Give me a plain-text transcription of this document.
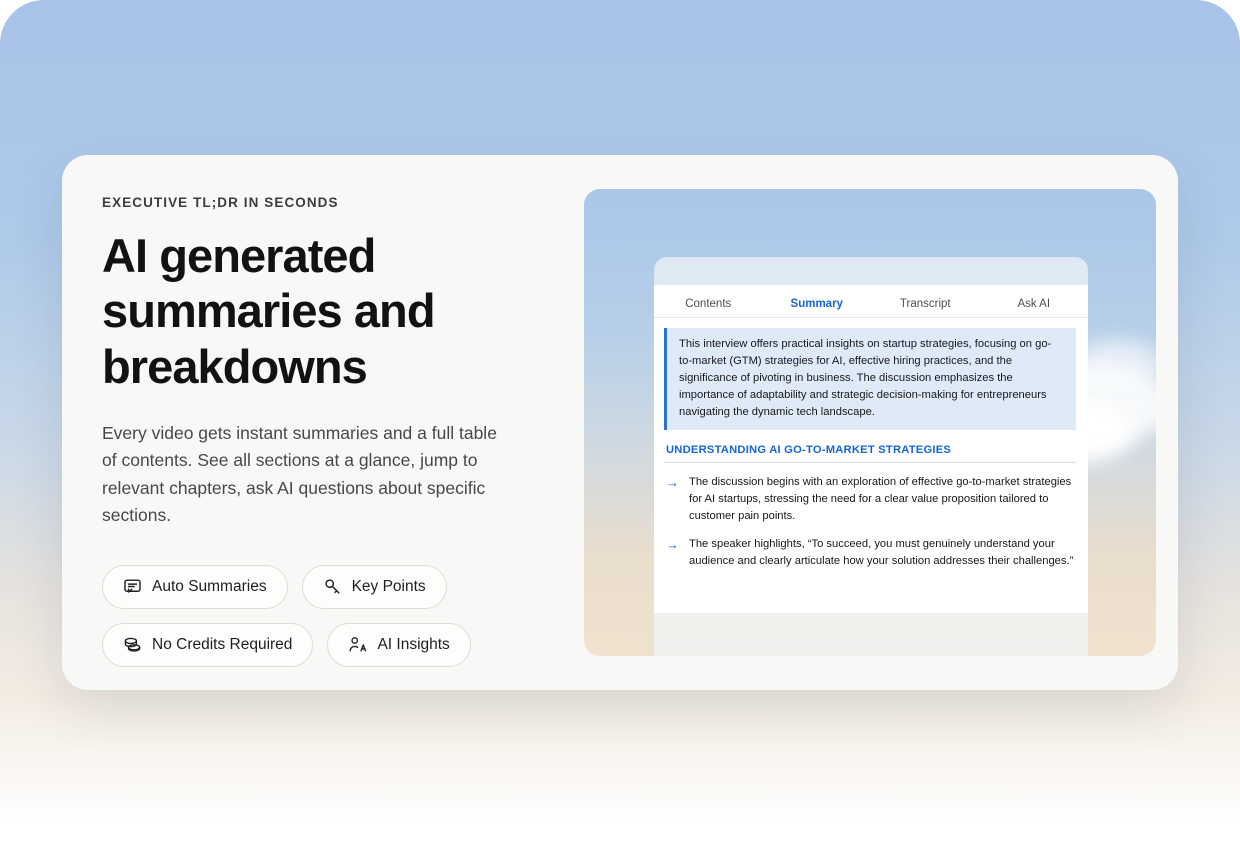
EXECUTIVE TL;DR IN SECONDS
AI generated summaries and breakdowns

Every video gets instant summaries and a full table of contents. See all sections at a glance, jump to relevant chapters, ask AI questions about specific sections.

Auto Summaries	Key Points
No Credits Required	AI Insights
Contents	Summary	Transcript	Ask AI

This interview offers practical insights on startup strategies, focusing on go-to-market (GTM) strategies for AI, effective hiring practices, and the significance of pivoting in business. The discussion emphasizes the importance of adaptability and strategic decision-making for entrepreneurs navigating the dynamic tech landscape.

UNDERSTANDING AI GO-TO-MARKET STRATEGIES
→ The discussion begins with an exploration of effective go-to-market strategies for AI startups, stressing the need for a clear value proposition tailored to customer pain points.

→ The speaker highlights, “To succeed, you must genuinely understand your audience and clearly articulate how your solution addresses their challenges.”
